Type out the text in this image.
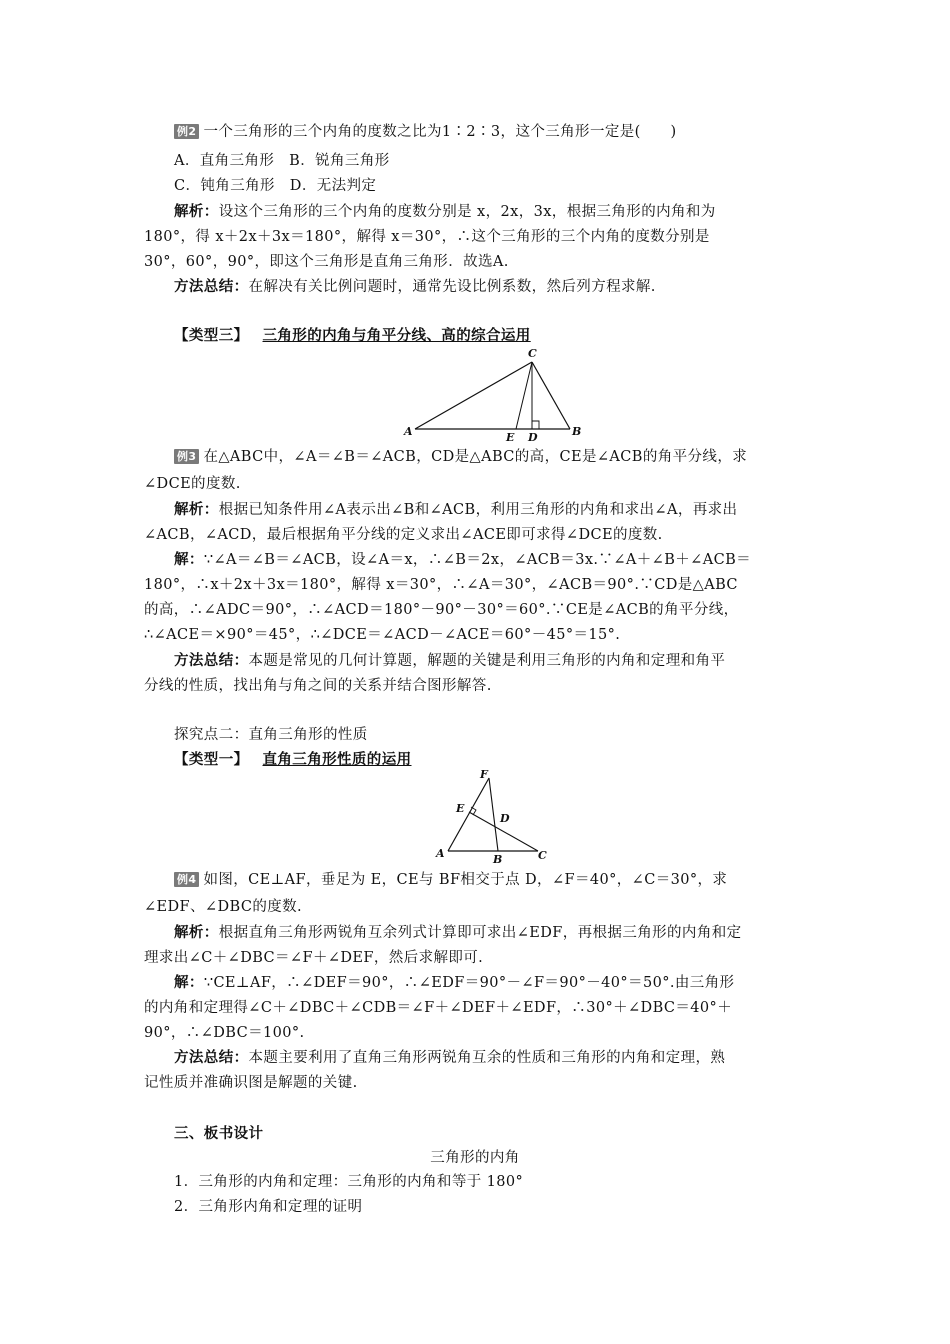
例2 一个三角形的三个内角的度数之比为1∶2∶3，这个三角形一定是(　　)
A．直角三角形　B．锐角三角形
C．钝角三角形　D．无法判定
解析：设这个三角形的三个内角的度数分别是 x，2x，3x，根据三角形的内角和为
180°，得 x＋2x＋3x＝180°，解得 x＝30°，∴这个三角形的三个内角的度数分别是
30°，60°，90°，即这个三角形是直角三角形．故选A.
方法总结：在解决有关比例问题时，通常先设比例系数，然后列方程求解.
【类型三】 三角形的内角与角平分线、高的综合运用
A	B
C
E D
例3 在△ABC中，∠A＝∠B＝∠ACB，CD是△ABC的高，CE是∠ACB的角平分线，求
∠DCE的度数.
解析：根据已知条件用∠A表示出∠B和∠ACB，利用三角形的内角和求出∠A，再求出
∠ACB，∠ACD，最后根据角平分线的定义求出∠ACE即可求得∠DCE的度数.
解：∵∠A＝∠B＝∠ACB，设∠A＝x，∴∠B＝2x，∠ACB＝3x.∵∠A＋∠B＋∠ACB＝
180°，∴x＋2x＋3x＝180°，解得 x＝30°，∴∠A＝30°，∠ACB＝90°.∵CD是△ABC
的高，∴∠ADC＝90°，∴∠ACD＝180°－90°－30°＝60°.∵CE是∠ACB的角平分线，
∴∠ACE＝×90°＝45°，∴∠DCE＝∠ACD－∠ACE＝60°－45°＝15°.
方法总结：本题是常见的几何计算题，解题的关键是利用三角形的内角和定理和角平
分线的性质，找出角与角之间的关系并结合图形解答.
探究点二：直角三角形的性质
【类型一】 直角三角形性质的运用
A	B	C
D
E
F
例4 如图，CE⊥AF，垂足为 E，CE与 BF相交于点 D，∠F＝40°，∠C＝30°，求
∠EDF、∠DBC的度数.
解析：根据直角三角形两锐角互余列式计算即可求出∠EDF，再根据三角形的内角和定
理求出∠C＋∠DBC＝∠F＋∠DEF，然后求解即可.
解：∵CE⊥AF，∴∠DEF＝90°，∴∠EDF＝90°－∠F＝90°－40°＝50°.由三角形
的内角和定理得∠C＋∠DBC＋∠CDB＝∠F＋∠DEF＋∠EDF，∴30°＋∠DBC＝40°＋
90°，∴∠DBC＝100°.
方法总结：本题主要利用了直角三角形两锐角互余的性质和三角形的内角和定理，熟
记性质并准确识图是解题的关键.
三、板书设计
三角形的内角
1．三角形的内角和定理：三角形的内角和等于 180°
2．三角形内角和定理的证明
